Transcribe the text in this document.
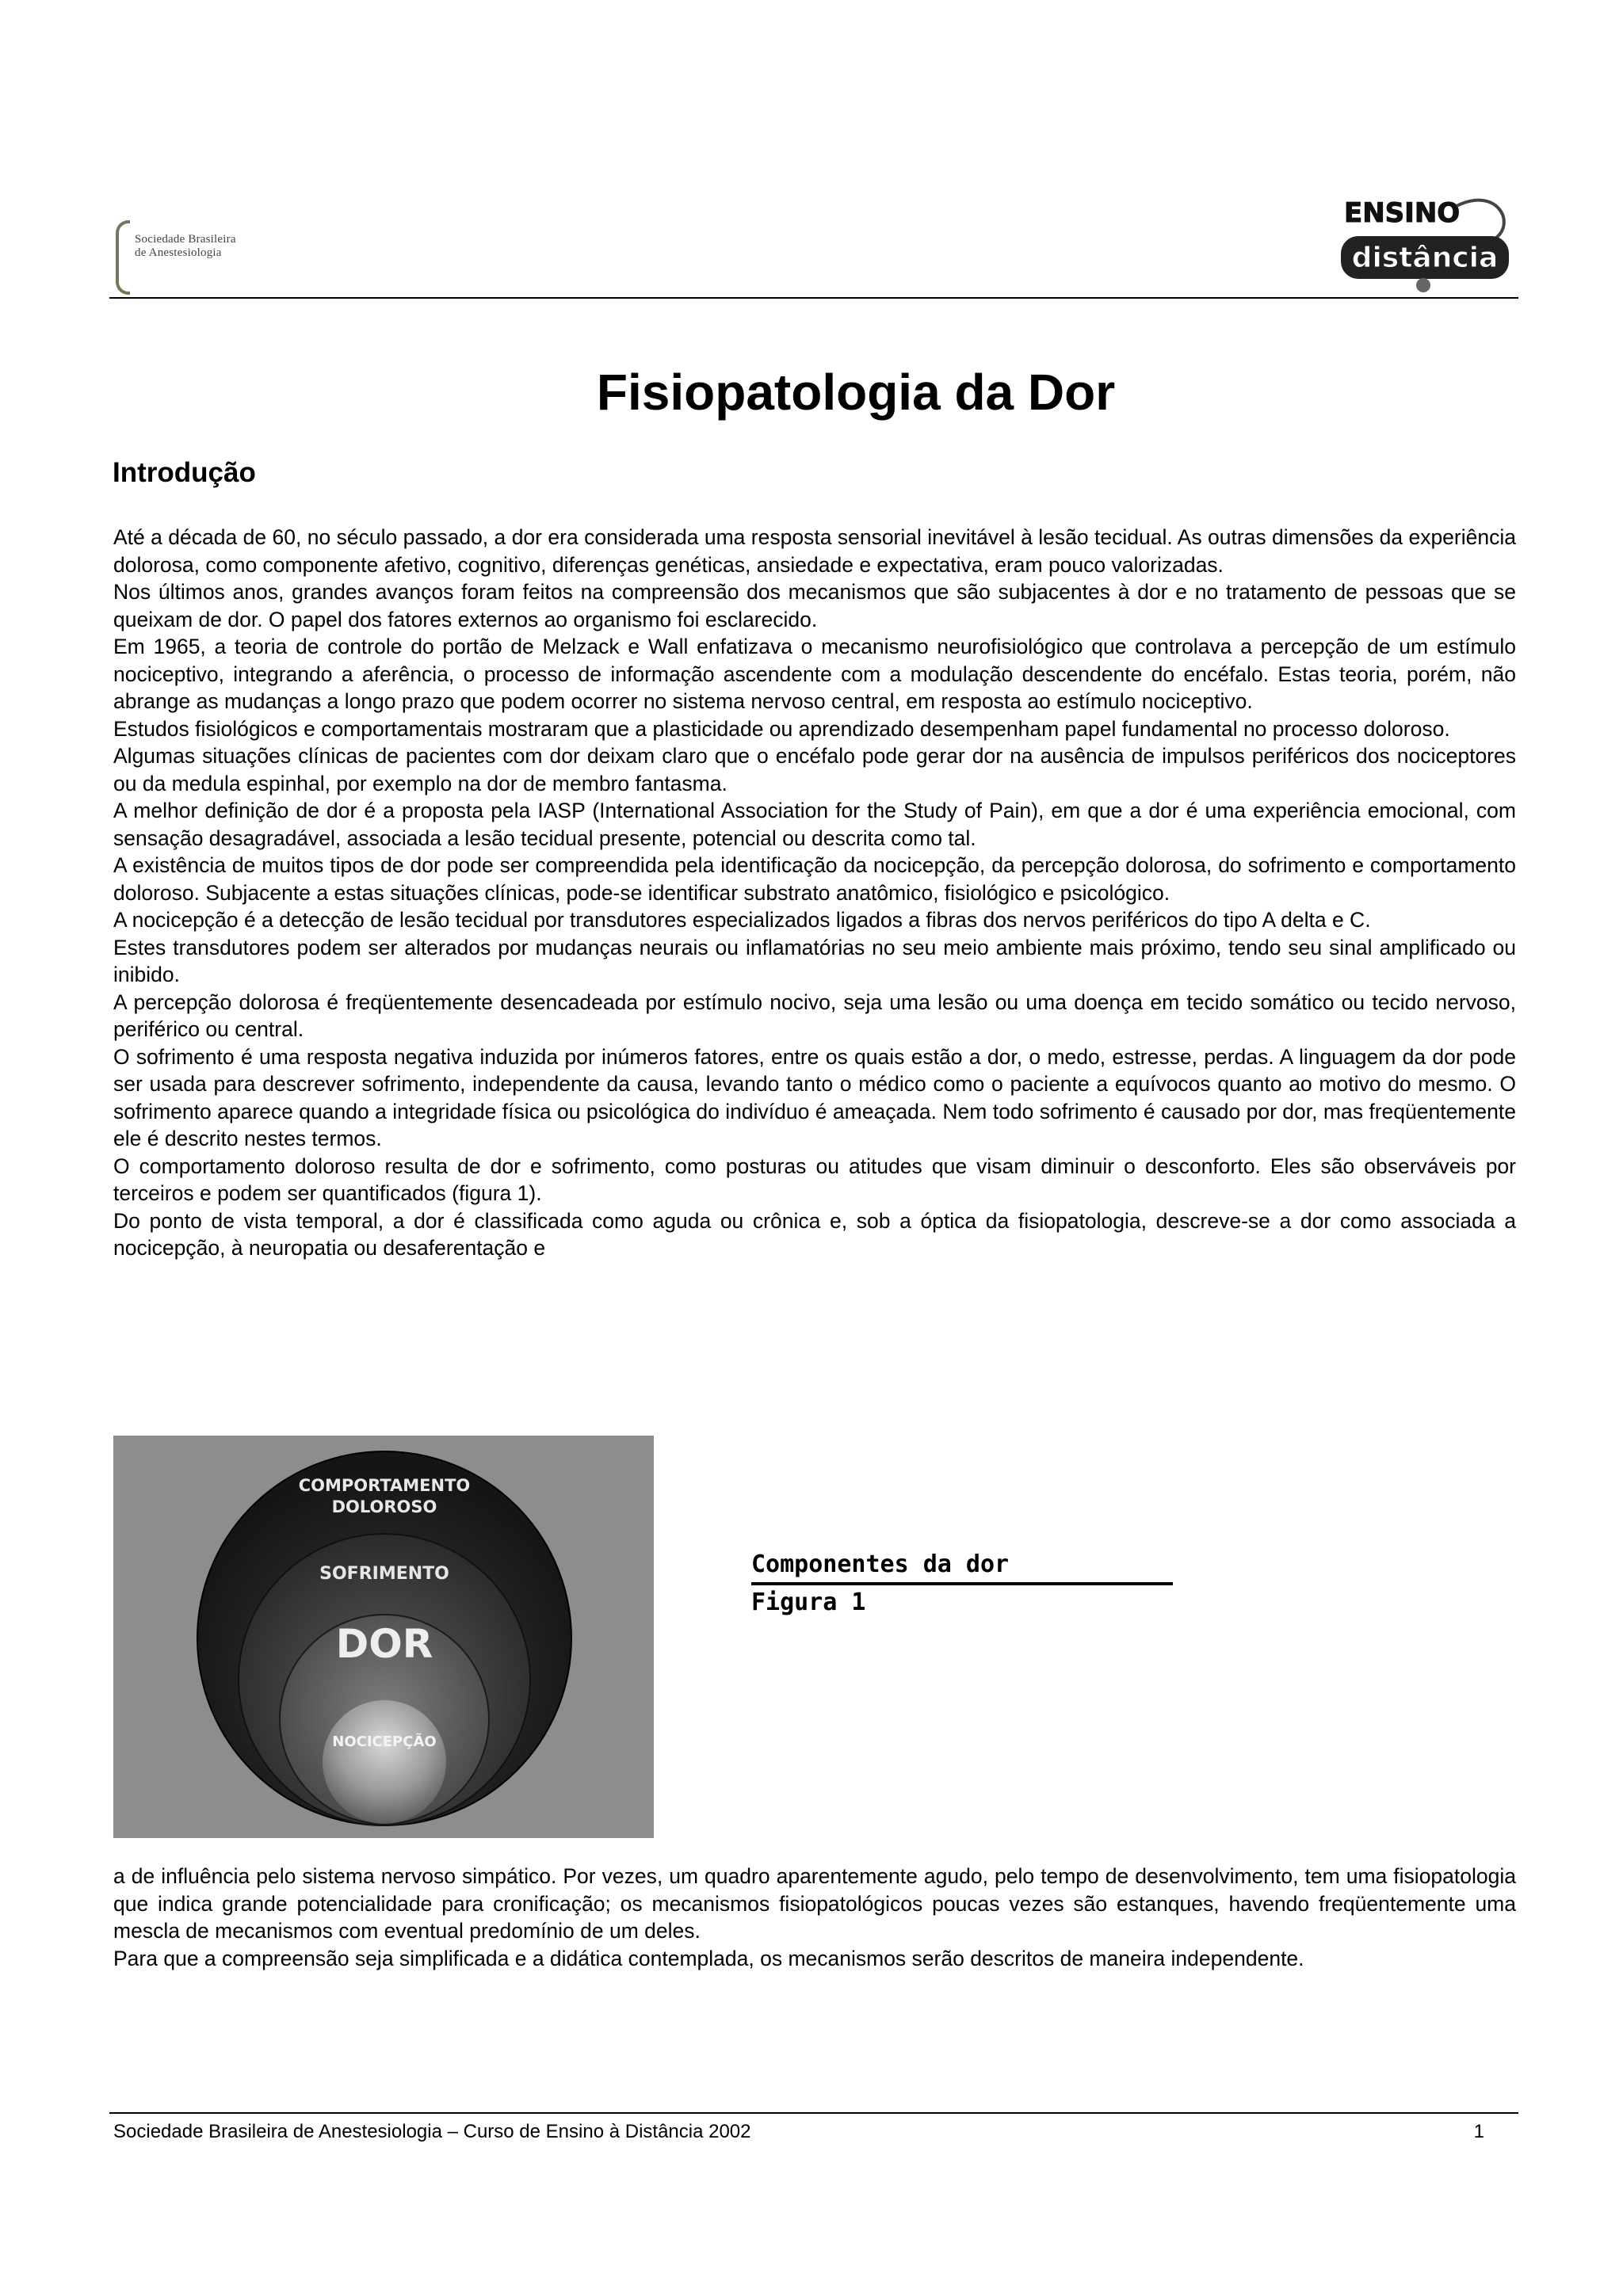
Sociedade Brasileira
de Anestesiologia
ENSINO
distância
Fisiopatologia da Dor
Introdução

Até a década de 60, no século passado, a dor era considerada uma resposta sensorial inevitável à lesão tecidual. As outras dimensões da experiência dolorosa, como componente afetivo, cognitivo, diferenças genéticas, ansiedade e expectativa, eram pouco valorizadas.

Nos últimos anos, grandes avanços foram feitos na compreensão dos mecanismos que são subjacentes à dor e no tratamento de pessoas que se queixam de dor. O papel dos fatores externos ao organismo foi esclarecido.

Em 1965, a teoria de controle do portão de Melzack e Wall enfatizava o mecanismo neurofisiológico que controlava a percepção de um estímulo nociceptivo, integrando a aferência, o processo de informação ascendente com a modulação descendente do encéfalo. Estas teoria, porém, não abrange as mudanças a longo prazo que podem ocorrer no sistema nervoso central, em resposta ao estímulo nociceptivo.

Estudos fisiológicos e comportamentais mostraram que a plasticidade ou aprendizado desempenham papel fundamental no processo doloroso.

Algumas situações clínicas de pacientes com dor deixam claro que o encéfalo pode gerar dor na ausência de impulsos periféricos dos nociceptores ou da medula espinhal, por exemplo na dor de membro fantasma.

A melhor definição de dor é a proposta pela IASP (International Association for the Study of Pain), em que a dor é uma experiência emocional, com sensação desagradável, associada a lesão tecidual presente, potencial ou descrita como tal.

A existência de muitos tipos de dor pode ser compreendida pela identificação da nocicepção, da percepção dolorosa, do sofrimento e comportamento doloroso. Subjacente a estas situações clínicas, pode-se identificar substrato anatômico, fisiológico e psicológico.

A nocicepção é a detecção de lesão tecidual por transdutores especializados ligados a fibras dos nervos periféricos do tipo A delta e C.

Estes transdutores podem ser alterados por mudanças neurais ou inflamatórias no seu meio ambiente mais próximo, tendo seu sinal amplificado ou inibido.

A percepção dolorosa é freqüentemente desencadeada por estímulo nocivo, seja uma lesão ou uma doença em tecido somático ou tecido nervoso, periférico ou central.

O sofrimento é uma resposta negativa induzida por inúmeros fatores, entre os quais estão a dor, o medo, estresse, perdas. A linguagem da dor pode ser usada para descrever sofrimento, independente da causa, levando tanto o médico como o paciente a equívocos quanto ao motivo do mesmo. O sofrimento aparece quando a integridade física ou psicológica do indivíduo é ameaçada. Nem todo sofrimento é causado por dor, mas freqüentemente ele é descrito nestes termos.

O comportamento doloroso resulta de dor e sofrimento, como posturas ou atitudes que visam diminuir o desconforto. Eles são observáveis por terceiros e podem ser quantificados (figura 1).

Do ponto de vista temporal, a dor é classificada como aguda ou crônica e, sob a óptica da fisiopatologia, descreve-se a dor como associada a nocicepção, à neuropatia ou desaferentação e

COMPORTAMENTO
DOLOROSO
SOFRIMENTO
DOR
NOCICEPÇÃO
Componentes da dor
Figura 1

a de influência pelo sistema nervoso simpático. Por vezes, um quadro aparentemente agudo, pelo tempo de desenvolvimento, tem uma fisiopatologia que indica grande potencialidade para cronificação; os mecanismos fisiopatológicos poucas vezes são estanques, havendo freqüentemente uma mescla de mecanismos com eventual predomínio de um deles.

Para que a compreensão seja simplificada e a didática contemplada, os mecanismos serão descritos de maneira independente.

Sociedade Brasileira de Anestesiologia – Curso de Ensino à Distância 2002	1
